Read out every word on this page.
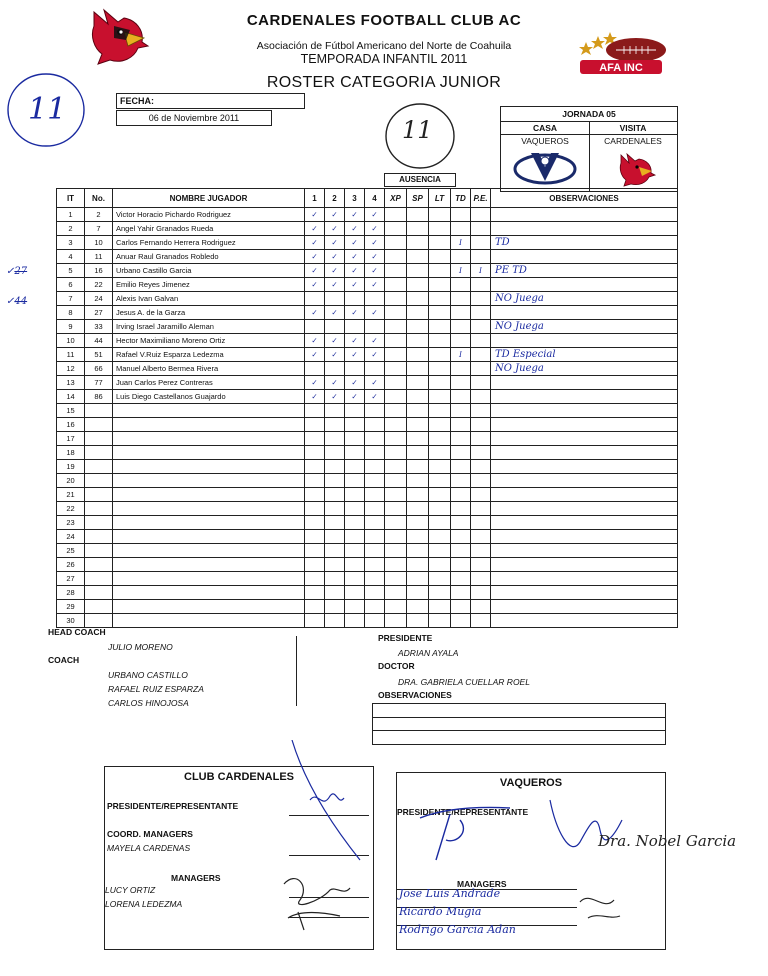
CARDENALES FOOTBALL CLUB AC
Asociación de Fútbol Americano del Norte de Coahuila
TEMPORADA INFANTIL 2011
ROSTER CATEGORIA JUNIOR
AFA INC
11
11
FECHA:
06 de Noviembre 2011	JORNADA 05
CASA	VISITA
VAQUEROS	CARDENALES
AUSENCIA
IT	No.	NOMBRE JUGADOR	1	2	3	4	XP	SP	LT	TD	P.E.	OBSERVACIONES
1	2	Victor Horacio Pichardo Rodriguez	✓	✓	✓	✓						
2	7	Angel Yahir Granados Rueda	✓	✓	✓	✓						
3	10	Carlos Fernando Herrera Rodriguez	✓	✓	✓	✓				I		TD
4	11	Anuar Raul Granados Robledo	✓	✓	✓	✓						
5	16	Urbano Castillo Garcia	✓	✓	✓	✓				I	I	PE TD
6	22	Emilio Reyes Jimenez	✓	✓	✓	✓						
7	24	Alexis Ivan Galvan										NO Juega
8	27	Jesus A. de la Garza	✓	✓	✓	✓						
9	33	Irving Israel Jaramillo Aleman										NO Juega
10	44	Hector Maximiliano Moreno Ortiz	✓	✓	✓	✓						
11	51	Rafael V.Ruiz Esparza Ledezma	✓	✓	✓	✓				I		TD Especial
12	66	Manuel Alberto Bermea Rivera										NO Juega
13	77	Juan Carlos Perez Contreras	✓	✓	✓	✓						
14	86	Luis Diego Castellanos Guajardo	✓	✓	✓	✓						
15												
16												
17												
18												
19												
20												
21												
22												
23												
24												
25												
26												
27												
28												
29												
30												
✓27
✓44
HEAD COACH
JULIO MORENO
COACH
URBANO CASTILLO
RAFAEL RUIZ ESPARZA
CARLOS HINOJOSA
PRESIDENTE
ADRIAN AYALA
DOCTOR
DRA. GABRIELA CUELLAR ROEL
OBSERVACIONES
CLUB CARDENALES
PRESIDENTE/REPRESENTANTE
COORD. MANAGERS
MAYELA CARDENAS
MANAGERS
LUCY ORTIZ
LORENA LEDEZMA
VAQUEROS
PRESIDENTE/REPRESENTANTE
MANAGERS
Jose Luis Andrade
Ricardo Mugia
Rodrigo Garcia Adan
Dra. Nobel Garcia
